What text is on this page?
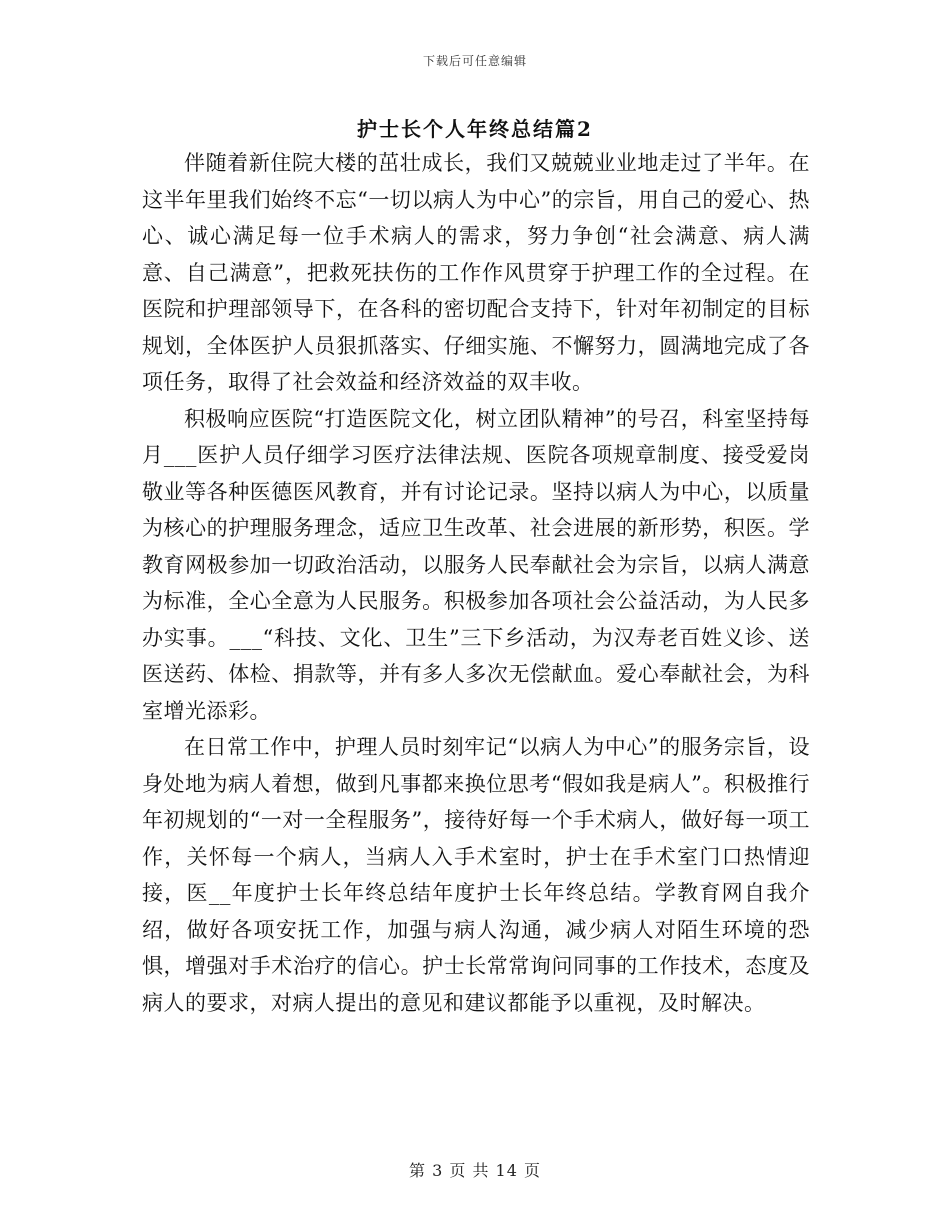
下载后可任意编辑
护士长个人年终总结篇2

伴随着新住院大楼的茁壮成长，我们又兢兢业业地走过了半年。在这半年里我们始终不忘“一切以病人为中心”的宗旨，用自己的爱心、热心、诚心满足每一位手术病人的需求，努力争创“社会满意、病人满意、自己满意”，把救死扶伤的工作作风贯穿于护理工作的全过程。在医院和护理部领导下，在各科的密切配合支持下，针对年初制定的目标规划，全体医护人员狠抓落实、仔细实施、不懈努力，圆满地完成了各项任务，取得了社会效益和经济效益的双丰收。

积极响应医院“打造医院文化，树立团队精神”的号召，科室坚持每月___医护人员仔细学习医疗法律法规、医院各项规章制度、接受爱岗敬业等各种医德医风教育，并有讨论记录。坚持以病人为中心，以质量为核心的护理服务理念，适应卫生改革、社会进展的新形势，积医。学教育网极参加一切政治活动，以服务人民奉献社会为宗旨，以病人满意为标准，全心全意为人民服务。积极参加各项社会公益活动，为人民多办实事。___“科技、文化、卫生”三下乡活动，为汉寿老百姓义诊、送医送药、体检、捐款等，并有多人多次无偿献血。爱心奉献社会，为科室增光添彩。

在日常工作中，护理人员时刻牢记“以病人为中心”的服务宗旨，设身处地为病人着想，做到凡事都来换位思考“假如我是病人”。积极推行年初规划的“一对一全程服务”，接待好每一个手术病人，做好每一项工作，关怀每一个病人，当病人入手术室时，护士在手术室门口热情迎接，医__年度护士长年终总结年度护士长年终总结。学教育网自我介绍，做好各项安抚工作，加强与病人沟通，减少病人对陌生环境的恐惧，增强对手术治疗的信心。护士长常常询问同事的工作技术，态度及病人的要求，对病人提出的意见和建议都能予以重视，及时解决。

第 3 页 共 14 页
